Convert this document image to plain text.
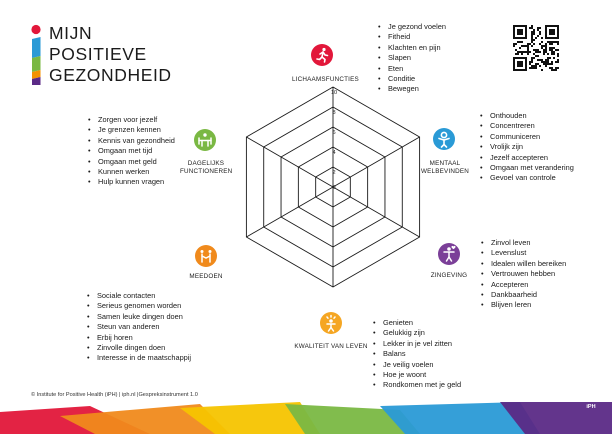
MIJN
POSITIEVE
GEZONDHEID
0
2
4
6
8
10
LICHAAMSFUNCTIES
• Je gezond voelen
• Fitheid
• Klachten en pijn
• Slapen
• Eten
• Conditie
• Bewegen
MENTAAL
WELBEVINDEN
• Onthouden
• Concentreren
• Communiceren
• Vrolijk zijn
• Jezelf accepteren
• Omgaan met verandering
• Gevoel van controle
ZINGEVING
• Zinvol leven
• Levenslust
• Idealen willen bereiken
• Vertrouwen hebben
• Accepteren
• Dankbaarheid
• Blijven leren
KWALITEIT VAN LEVEN
• Genieten
• Gelukkig zijn
• Lekker in je vel zitten
• Balans
• Je veilig voelen
• Hoe je woont
• Rondkomen met je geld
MEEDOEN
• Sociale contacten
• Serieus genomen worden
• Samen leuke dingen doen
• Steun van anderen
• Erbij horen
• Zinvolle dingen doen
• Interesse in de maatschappij
DAGELIJKS
FUNCTIONEREN
• Zorgen voor jezelf
• Je grenzen kennen
• Kennis van gezondheid
• Omgaan met tijd
• Omgaan met geld
• Kunnen werken
• Hulp kunnen vragen
© Institute for Positive Health (iPH) | iph.nl |Gespreksinstrument 1.0
iPH
